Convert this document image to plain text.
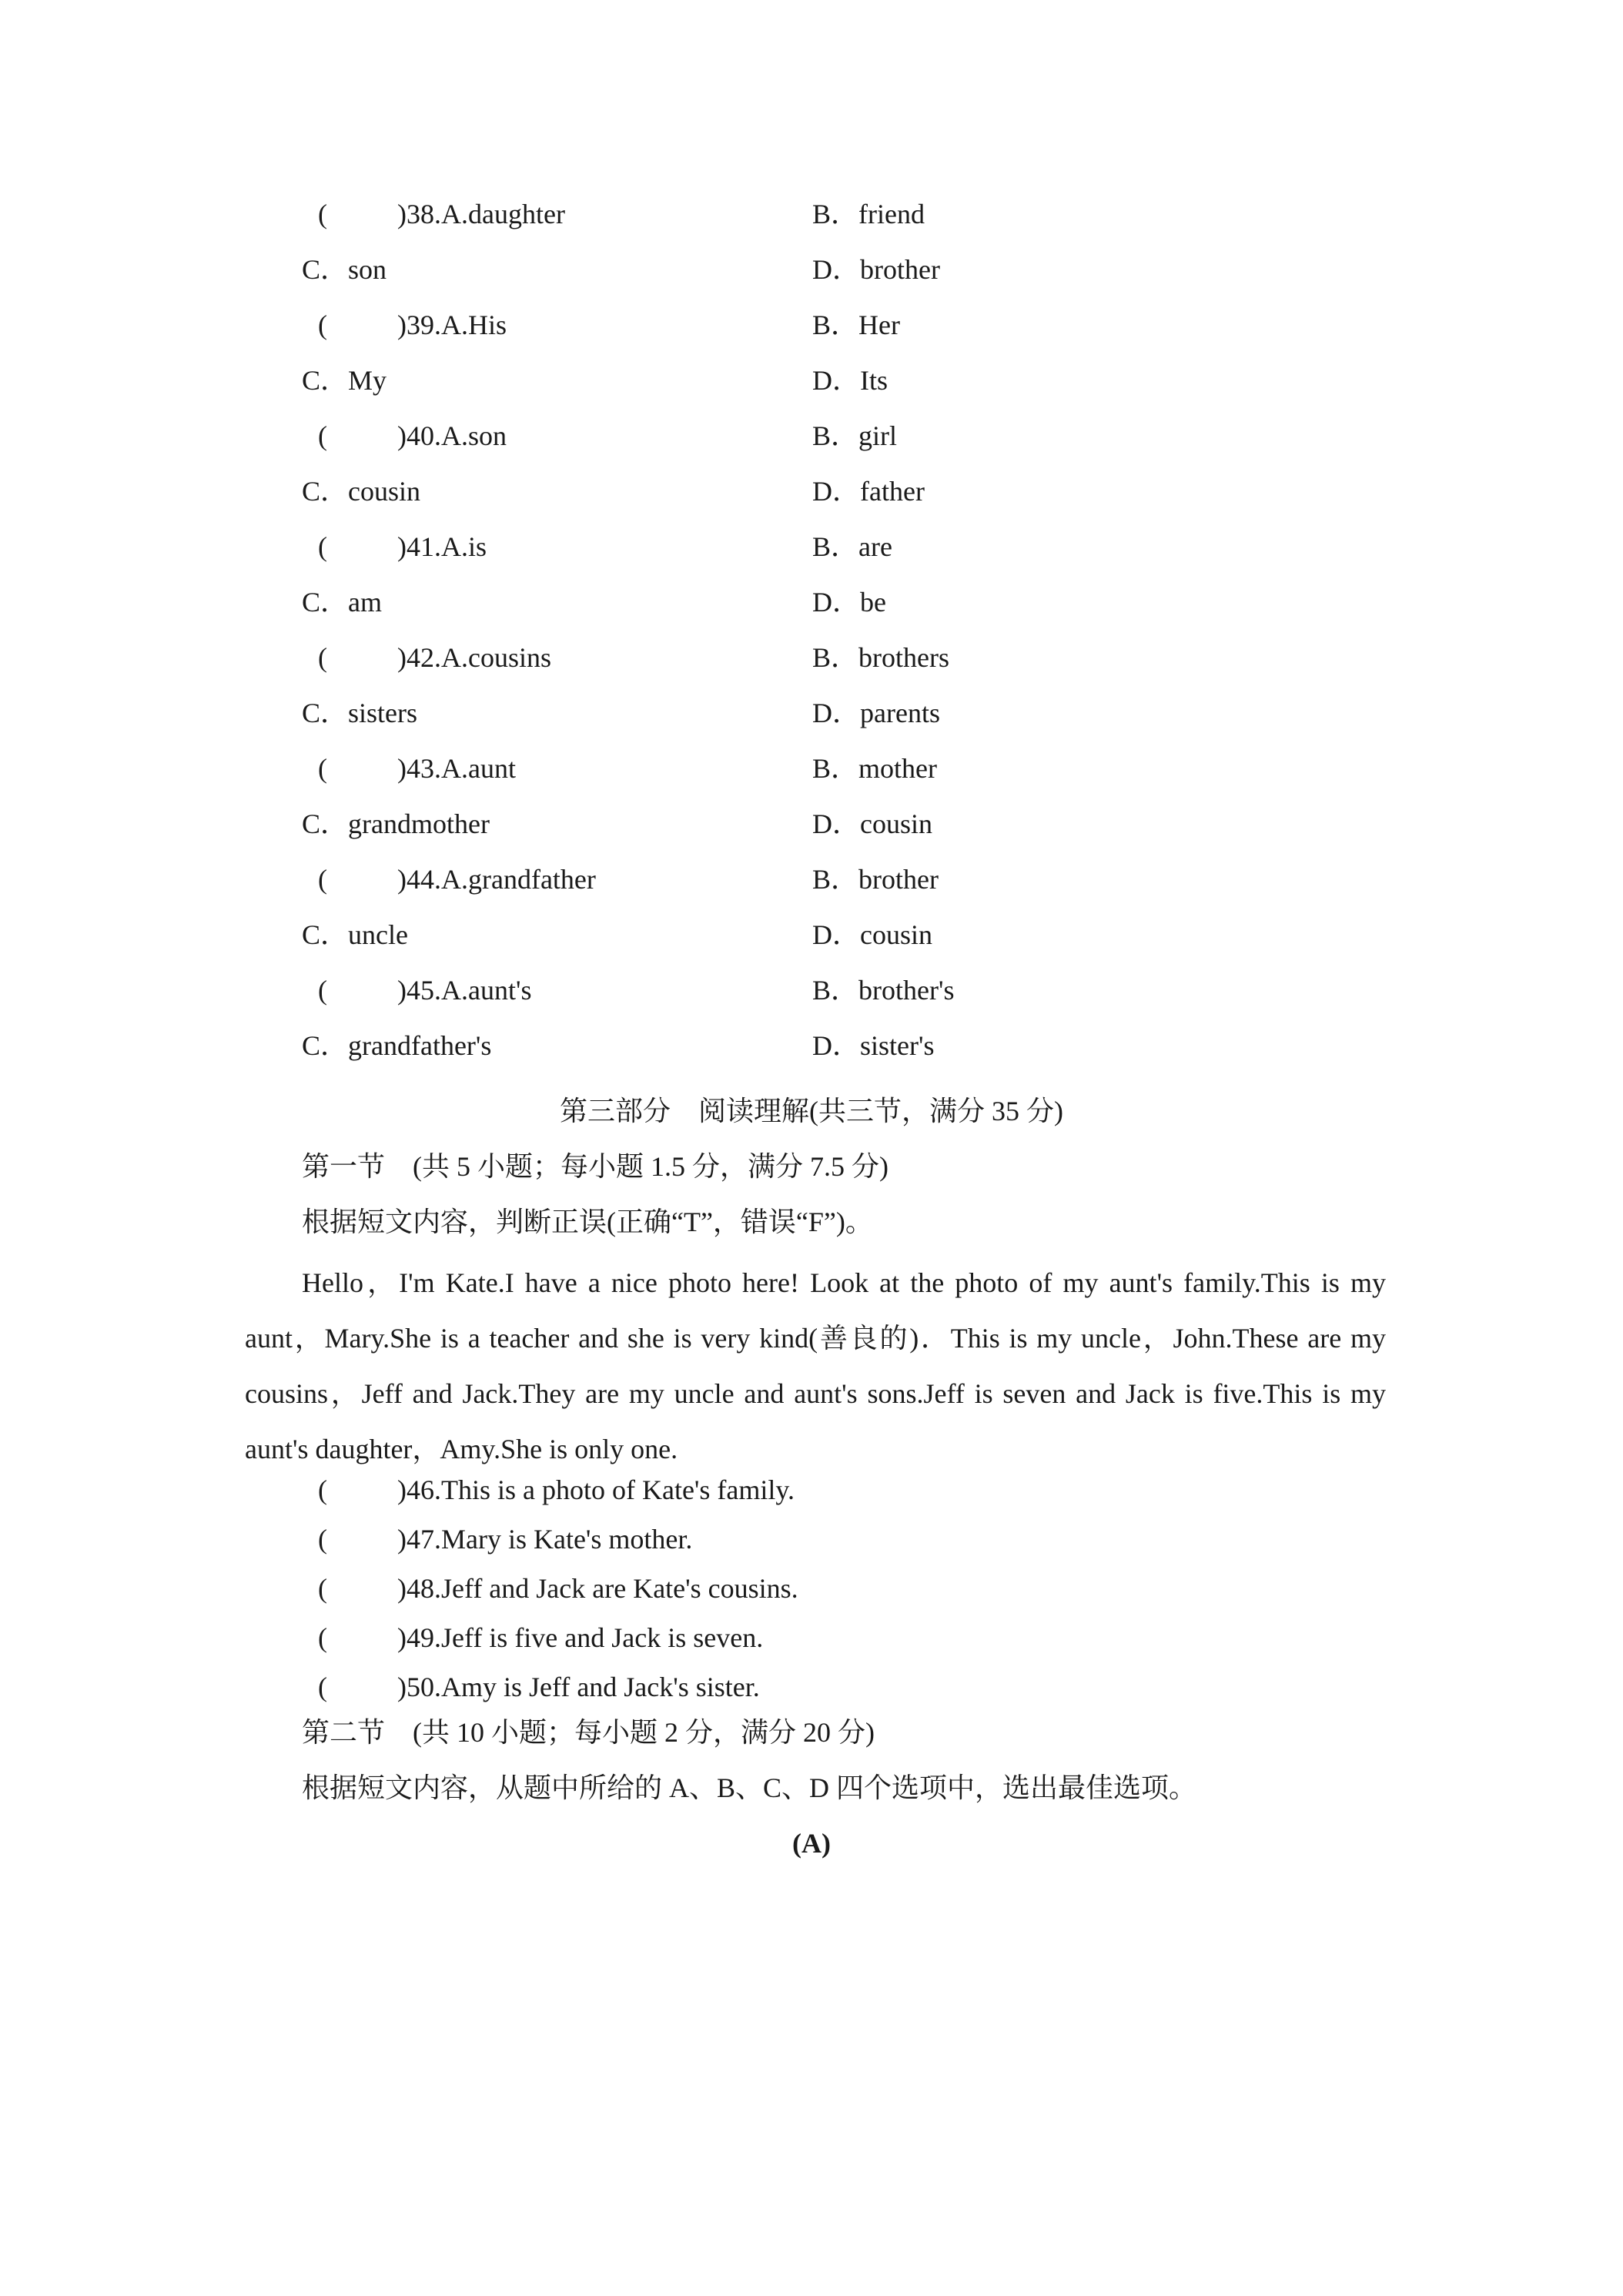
(	)38.A.daughter	B．friend
C．son	D．brother
(	)39.A.His	B．Her
C．My	D．Its
(	)40.A.son	B．girl
C．cousin	D．father
(	)41.A.is	B．are
C．am	D．be
(	)42.A.cousins	B．brothers
C．sisters	D．parents
(	)43.A.aunt	B．mother
C．grandmother	D．cousin
(	)44.A.grandfather	B．brother
C．uncle	D．cousin
(	)45.A.aunt's	B．brother's
C．grandfather's	D．sister's
第三部分　阅读理解(共三节，满分 35 分)
第一节　(共 5 小题；每小题 1.5 分，满分 7.5 分)
根据短文内容，判断正误(正确“T”，错误“F”)。
Hello，I'm Kate.I have a nice photo here! Look at the photo of my aunt's family.This is my aunt，Mary.She is a teacher and she is very kind(善良的)．This is my uncle，John.These are my cousins，Jeff and Jack.They are my uncle and aunt's sons.Jeff is seven and Jack is five.This is my aunt's daughter，Amy.She is only one.
(	)46.This is a photo of Kate's family.
(	)47.Mary is Kate's mother.
(	)48.Jeff and Jack are Kate's cousins.
(	)49.Jeff is five and Jack is seven.
(	)50.Amy is Jeff and Jack's sister.
第二节　(共 10 小题；每小题 2 分，满分 20 分)
根据短文内容，从题中所给的 A、B、C、D 四个选项中，选出最佳选项。
(A)
